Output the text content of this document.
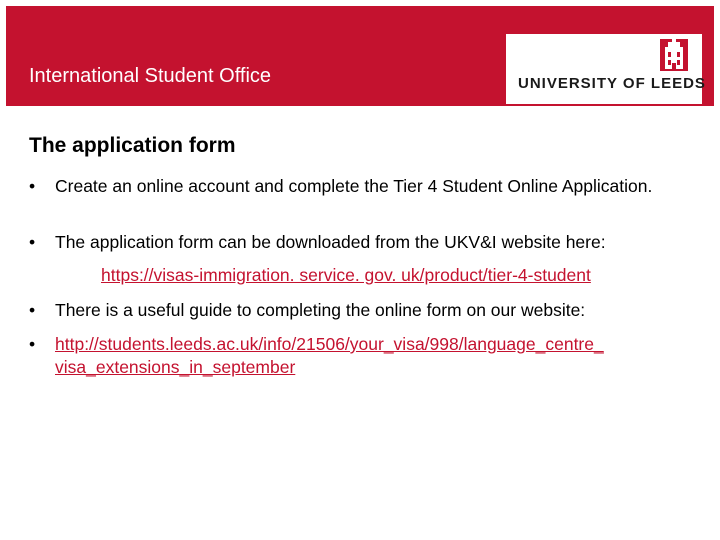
International Student Office	UNIVERSITY OF LEEDS
The application form
• Create an online account and complete the Tier 4 Student Online Application.
• The application form can be downloaded from the UKV&I website here:
https://visas-immigration. service. gov. uk/product/tier-4-student
• There is a useful guide to completing the online form on our website:
• http://students.leeds.ac.uk/info/21506/your_visa/998/language_centre_ visa_extensions_in_september
